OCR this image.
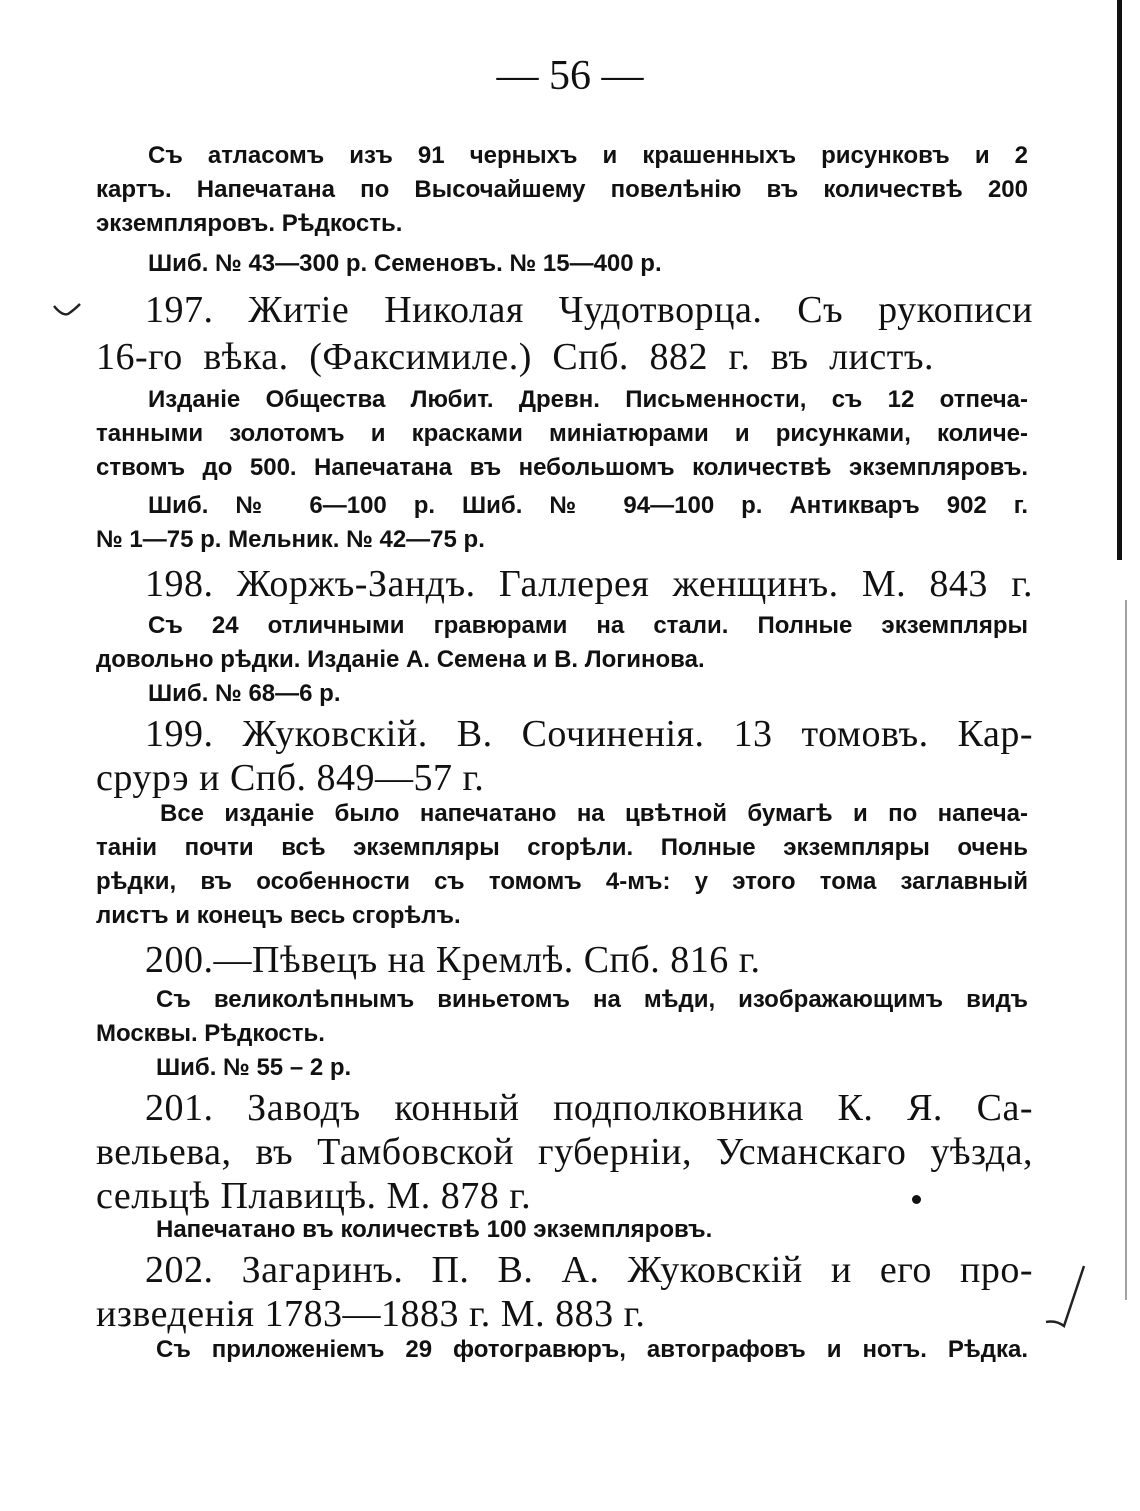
— 56 —
Съ атласомъ изъ 91 черныхъ и крашенныхъ рисунковъ и 2
картъ. Напечатана по Высочайшему повелѣнію въ количествѣ 200
экземпляровъ. Рѣдкость.
Шиб. № 43—300 р. Семеновъ. № 15—400 р.
197. Житіе Николая Чудотворца. Съ рукописи
16-го вѣка. (Факсимиле.) Спб. 882 г. въ листъ.
Изданіе Общества Любит. Древн. Письменности, съ 12 отпеча-
танными золотомъ и красками миніатюрами и рисунками, количе-
ствомъ до 500. Напечатана въ небольшомъ количествѣ экземпляровъ.
Шиб. № 6—100 р. Шиб. № 94—100 р. Антикваръ 902 г.
№ 1—75 р. Мельник. № 42—75 р.
198. Жоржъ-Зандъ. Галлерея женщинъ. М. 843 г.
Съ 24 отличными гравюрами на стали. Полные экземпляры
довольно рѣдки. Изданіе А. Семена и В. Логинова.
Шиб. № 68—6 р.
199. Жуковскій. В. Сочиненія. 13 томовъ. Кар-
срурэ и Спб. 849—57 г.
Все изданіе было напечатано на цвѣтной бумагѣ и по напеча-
таніи почти всѣ экземпляры сгорѣли. Полные экземпляры очень
рѣдки, въ особенности съ томомъ 4-мъ: у этого тома заглавный
листъ и конецъ весь сгорѣлъ.
200.—Пѣвецъ на Кремлѣ. Спб. 816 г.
Съ великолѣпнымъ виньетомъ на мѣди, изображающимъ видъ
Москвы. Рѣдкость.
Шиб. № 55 – 2 р.
201. Заводъ конный подполковника К. Я. Са-
вельева, въ Тамбовской губерніи, Усманскаго уѣзда,
сельцѣ Плавицѣ. М. 878 г.
Напечатано въ количествѣ 100 экземпляровъ.
202. Загаринъ. П. В. А. Жуковскій и его про-
изведенія 1783—1883 г. М. 883 г.
Съ приложеніемъ 29 фотогравюръ, автографовъ и нотъ. Рѣдка.
